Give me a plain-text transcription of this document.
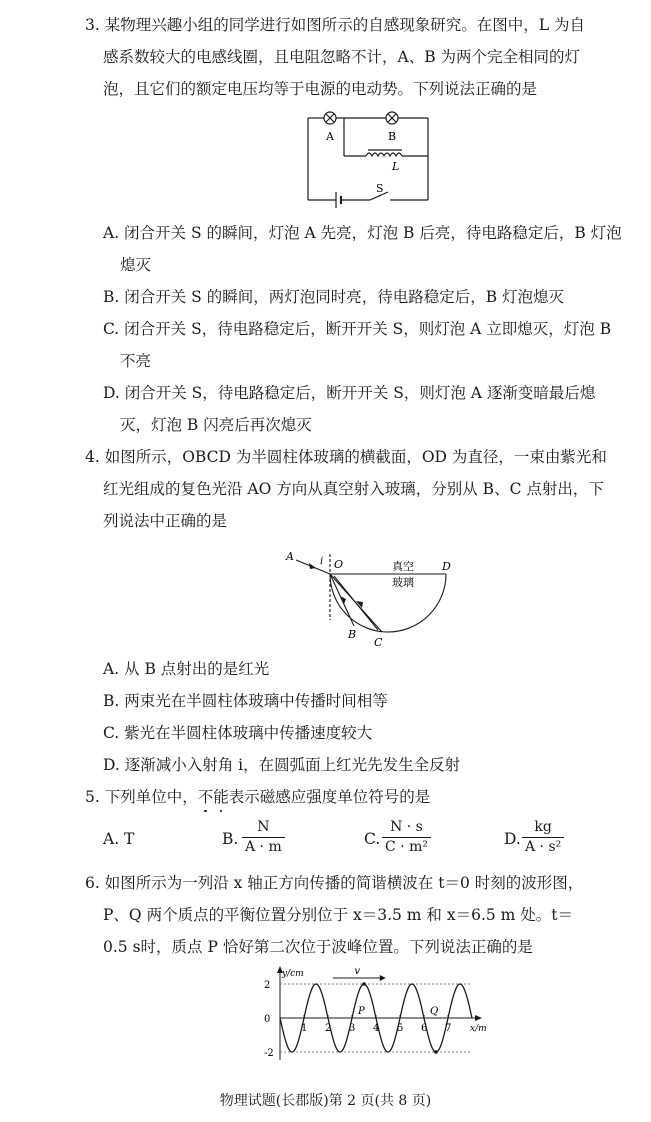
3. 某物理兴趣小组的同学进行如图所示的自感现象研究。在图中，L 为自
感系数较大的电感线圈，且电阻忽略不计，A、B 为两个完全相同的灯
泡，且它们的额定电压均等于电源的电动势。下列说法正确的是
A	B
L
S
A. 闭合开关 S 的瞬间，灯泡 A 先亮，灯泡 B 后亮，待电路稳定后，B 灯泡
熄灭
B. 闭合开关 S 的瞬间，两灯泡同时亮，待电路稳定后，B 灯泡熄灭
C. 闭合开关 S，待电路稳定后，断开开关 S，则灯泡 A 立即熄灭，灯泡 B
不亮
D. 闭合开关 S，待电路稳定后，断开开关 S，则灯泡 A 逐渐变暗最后熄
灭，灯泡 B 闪亮后再次熄灭
4. 如图所示，OBCD 为半圆柱体玻璃的横截面，OD 为直径，一束由紫光和
红光组成的复色光沿 AO 方向从真空射入玻璃，分别从 B、C 点射出，下
列说法中正确的是
A	i O	D
真空
玻璃
B
C
A. 从 B 点射出的是红光
B. 两束光在半圆柱体玻璃中传播时间相等
C. 紫光在半圆柱体玻璃中传播速度较大
D. 逐渐减小入射角 i，在圆弧面上红光先发生全反射
5. 下列单位中，不
能
表示磁感应强度单位符号的是
A. T	B. $\frac{N}{A \cdot m}$	C. $\frac{N \cdot s}{\text{C · m²}}$	D. $\frac{kg}{\text{A · s²}}$
6. 如图所示为一列沿 x 轴正方向传播的简谐横波在 t＝0 时刻的波形图，
P、Q 两个质点的平衡位置分别位于 x＝3.5 m 和 x＝6.5 m 处。t＝
0.5 s时，质点 P 恰好第二次位于波峰位置。下列说法正确的是
1 2 3 4 5 6 7
2
0
-2
x/m
y/cm
P	Q
v
物理试题(长郡版)第 2 页(共 8 页)
